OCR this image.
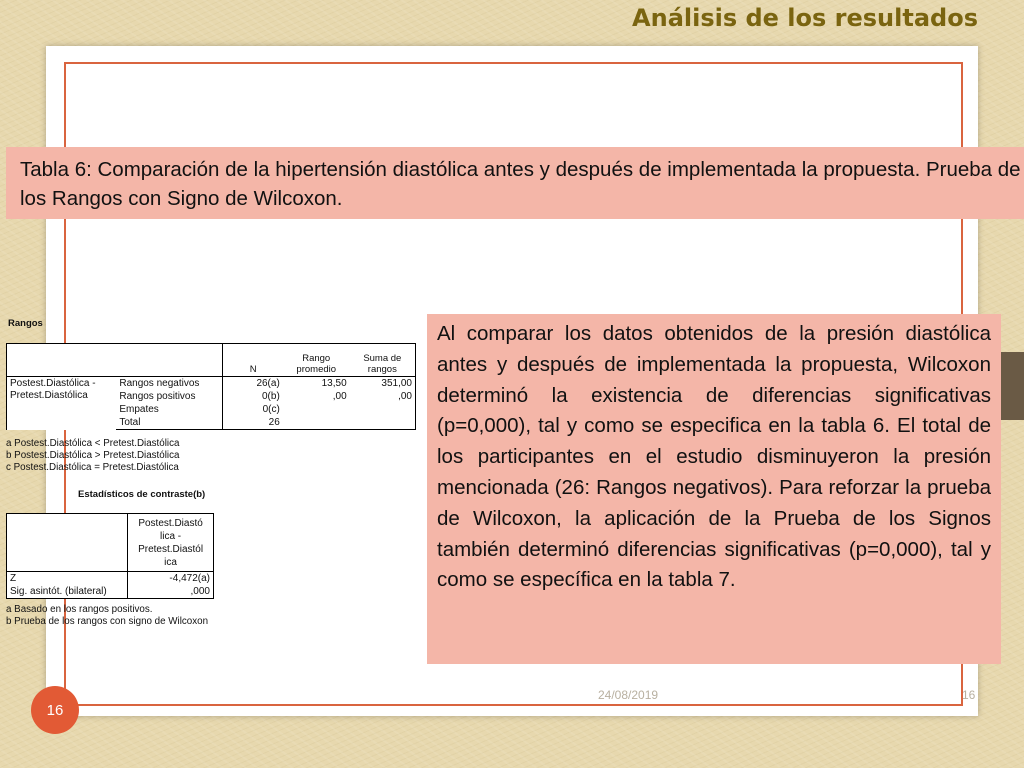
Análisis de los resultados
Tabla 6: Comparación de la hipertensión diastólica antes y después de implementada la propuesta. Prueba de los Rangos con Signo de Wilcoxon.
Rangos
		N	Rango promedio	Suma de rangos
Postest.Diastólica - Pretest.Diastólica	Rangos negativos	26(a)	13,50	351,00
	Rangos positivos	0(b)	,00	,00
	Empates	0(c)		
	Total	26		
a Postest.Diastólica < Pretest.Diastólica
b Postest.Diastólica > Pretest.Diastólica
c Postest.Diastólica = Pretest.Diastólica
Estadísticos de contraste(b)
	Postest.Diastó lica - Pretest.Diastól ica
Z	-4,472(a)
Sig. asintót. (bilateral)	,000
a Basado en los rangos positivos.
b Prueba de los rangos con signo de Wilcoxon
Al comparar los datos obtenidos de la presión diastólica antes y después de implementada la propuesta, Wilcoxon determinó la existencia de diferencias significativas (p=0,000), tal y como se especifica en la tabla 6. El total de los participantes en el estudio disminuyeron la presión mencionada (26: Rangos negativos). Para reforzar la prueba de Wilcoxon, la aplicación de la Prueba de los Signos también determinó diferencias significativas (p=0,000), tal y como se específica en la tabla 7.
24/08/2019	16
16
